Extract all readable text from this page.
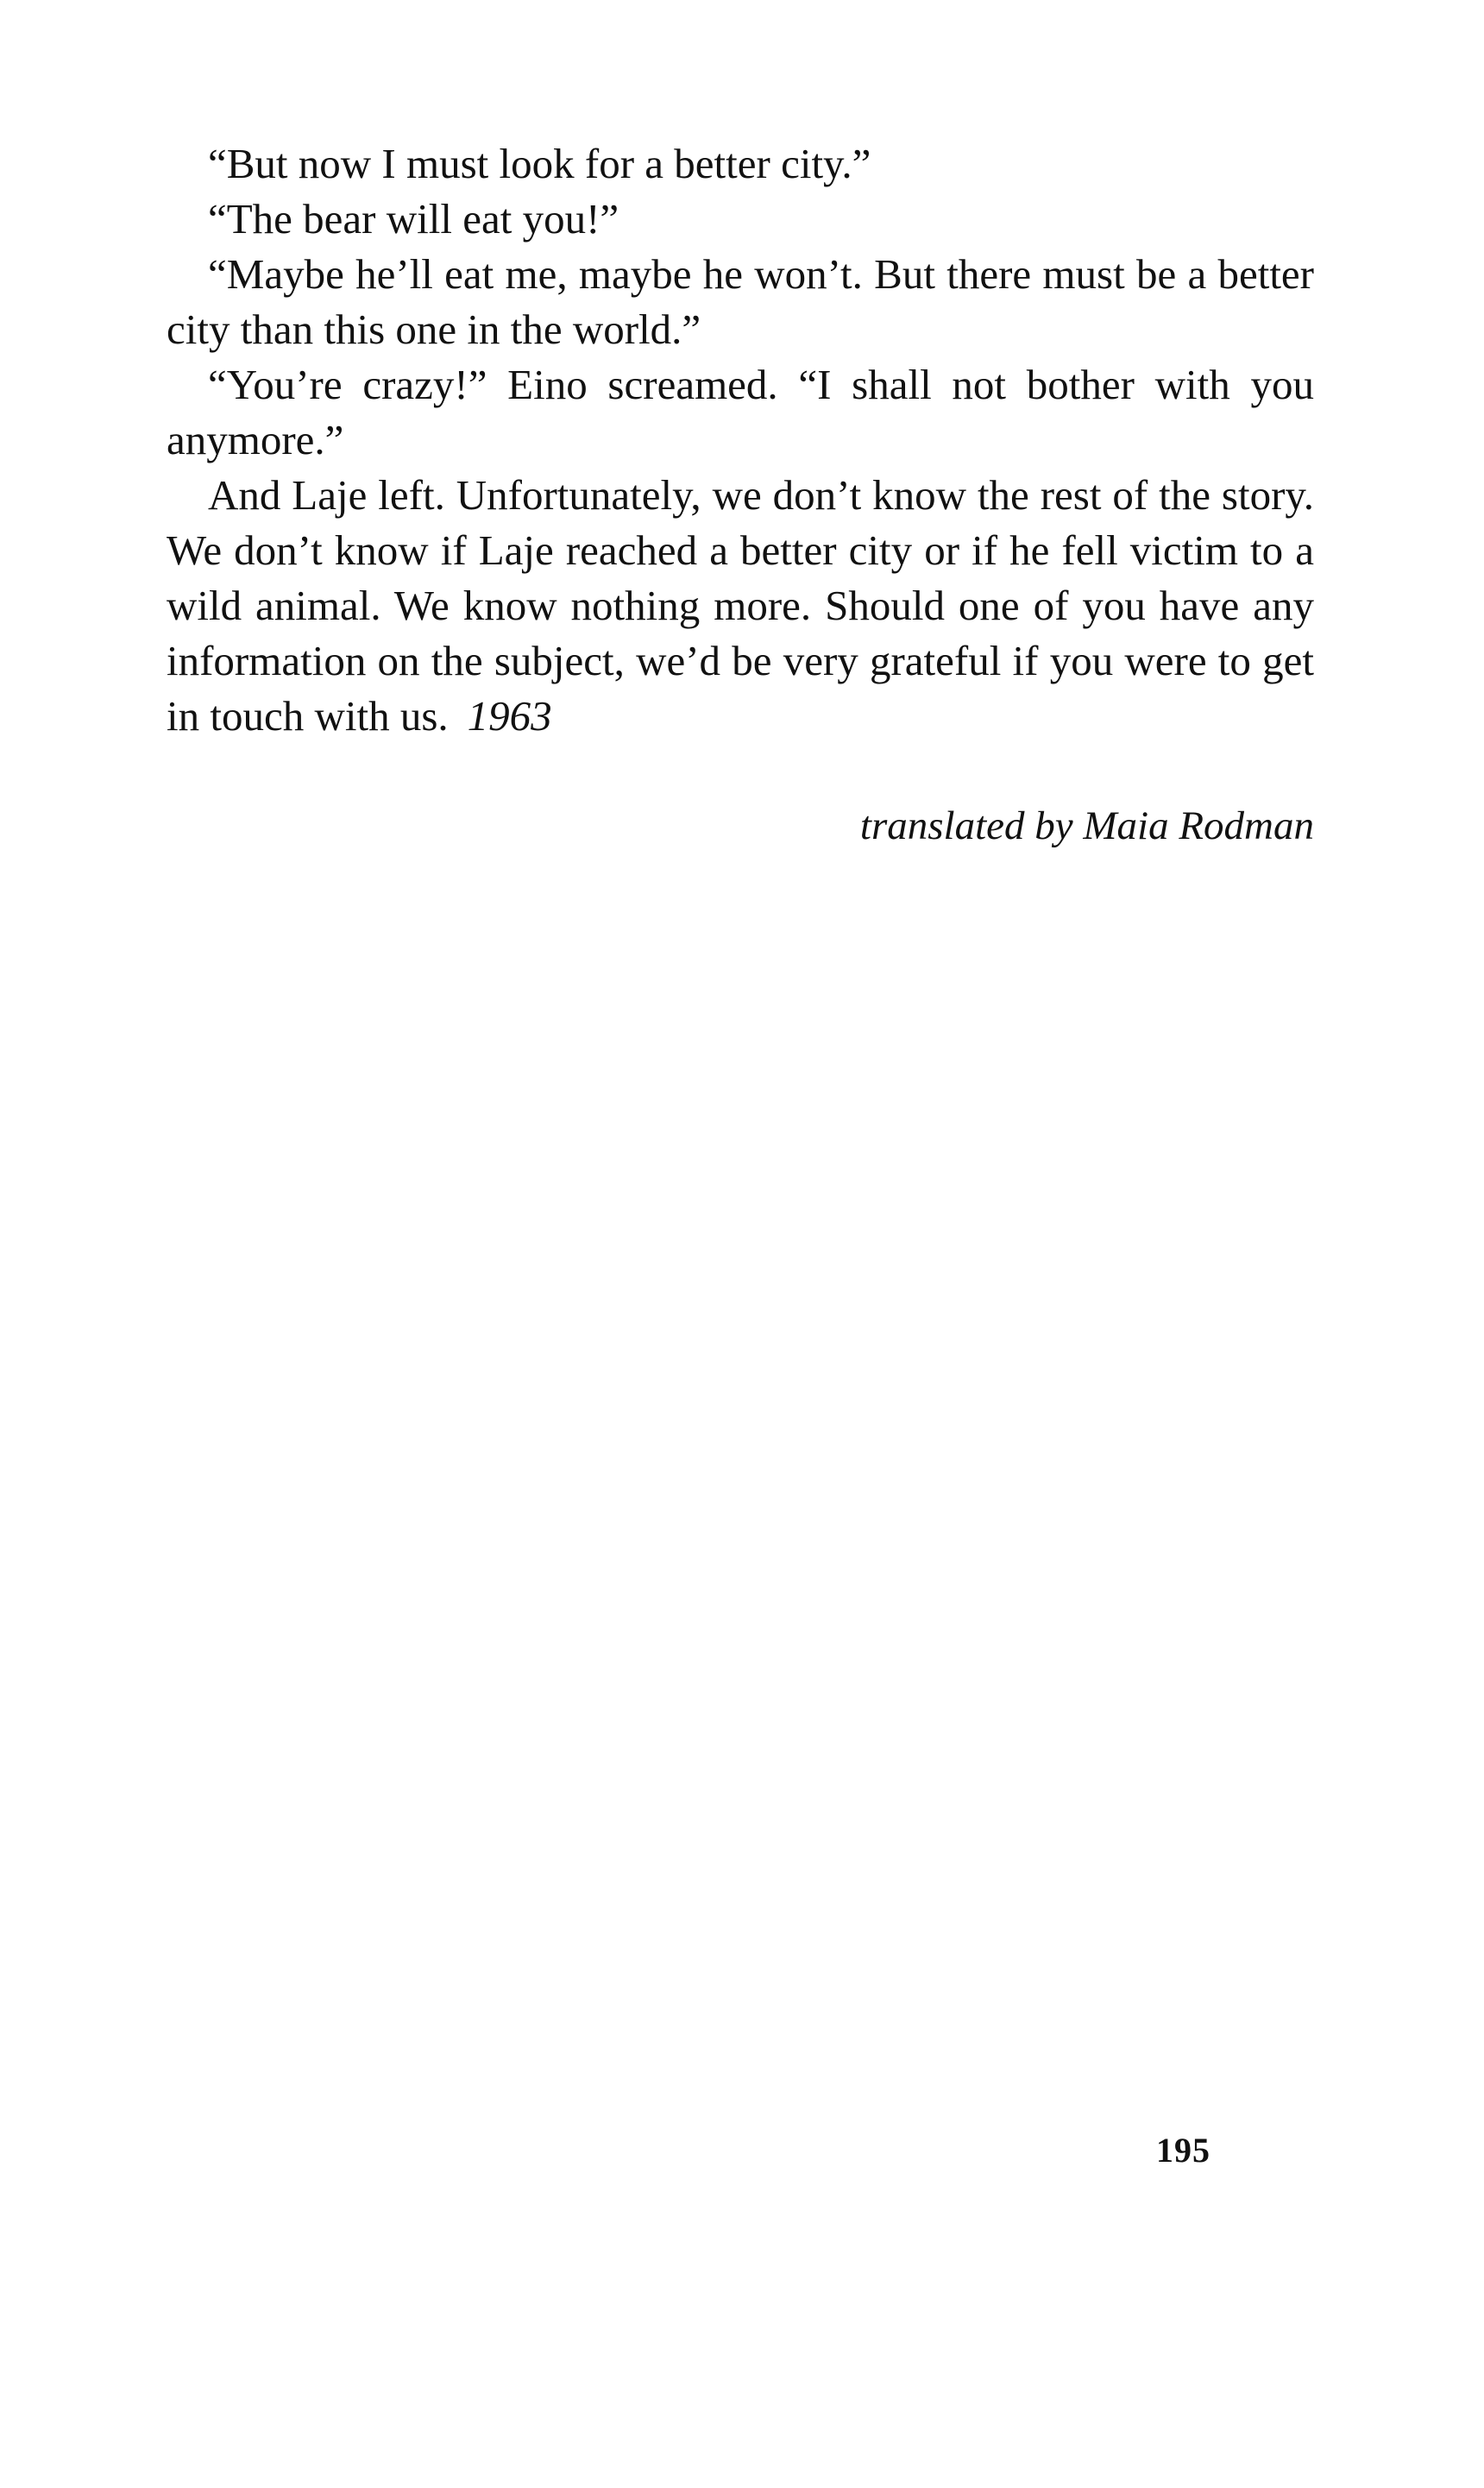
“But now I must look for a better city.”

“The bear will eat you!”

“Maybe he’ll eat me, maybe he won’t. But there must be a better city than this one in the world.”

“You’re crazy!” Eino screamed. “I shall not bother with you anymore.”

And Laje left. Unfortunately, we don’t know the rest of the story. We don’t know if Laje reached a better city or if he fell victim to a wild animal. We know nothing more. Should one of you have any information on the subject, we’d be very grateful if you were to get in touch with us. 1963

translated by Maia Rodman
195
